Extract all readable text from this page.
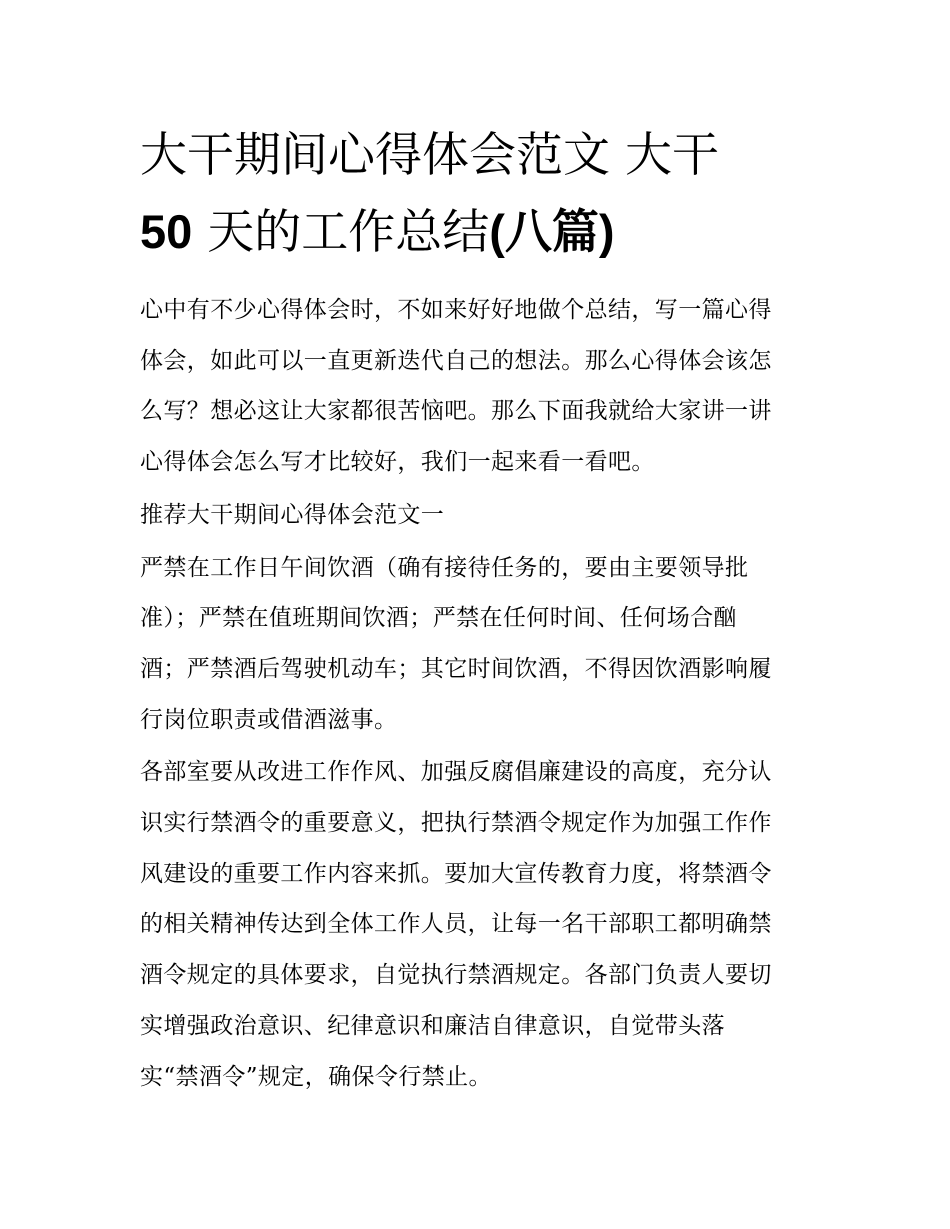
大干期间心得体会范文 大干
50 天的工作总结(八篇)

心中有不少心得体会时，不如来好好地做个总结，写一篇心得
体会，如此可以一直更新迭代自己的想法。那么心得体会该怎
么写？想必这让大家都很苦恼吧。那么下面我就给大家讲一讲
心得体会怎么写才比较好，我们一起来看一看吧。

推荐大干期间心得体会范文一

严禁在工作日午间饮酒（确有接待任务的，要由主要领导批
准）；严禁在值班期间饮酒；严禁在任何时间、任何场合酗
酒；严禁酒后驾驶机动车；其它时间饮酒，不得因饮酒影响履
行岗位职责或借酒滋事。

各部室要从改进工作作风、加强反腐倡廉建设的高度，充分认
识实行禁酒令的重要意义，把执行禁酒令规定作为加强工作作
风建设的重要工作内容来抓。要加大宣传教育力度，将禁酒令
的相关精神传达到全体工作人员，让每一名干部职工都明确禁
酒令规定的具体要求，自觉执行禁酒规定。各部门负责人要切
实增强政治意识、纪律意识和廉洁自律意识，自觉带头落
实“禁酒令”规定，确保令行禁止。
